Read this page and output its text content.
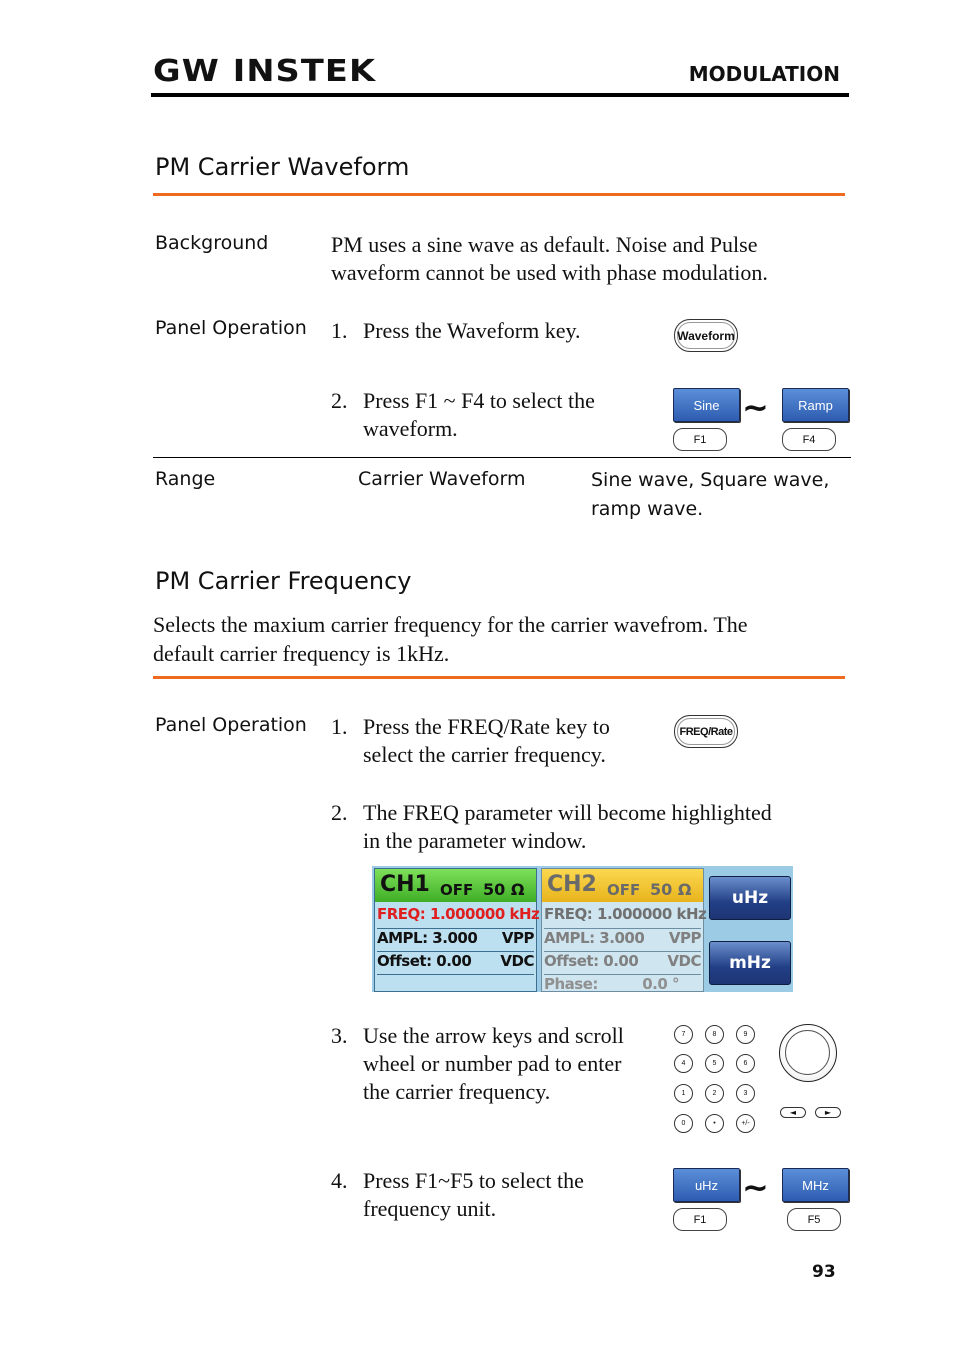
GW INSTEK	MODULATION
PM Carrier Waveform
Background	PM uses a sine wave as default. Noise and Pulse
waveform cannot be used with phase modulation.
Panel Operation 1. Press the Waveform key.	Waveform
2. Press F1 ~ F4 to select the
waveform.
Sine ~	Ramp
F1	F4
Range	Carrier Waveform	Sine wave, Square wave,
ramp wave.
PM Carrier Frequency
Selects the maxium carrier frequency for the carrier wavefrom. The
default carrier frequency is 1kHz.
Panel Operation 1. Press the FREQ/Rate key to
select the carrier frequency.
FREQ/Rate
2. The FREQ parameter will become highlighted
in the parameter window.
CH1 OFF 50 Ω
FREQ: 1.000000 kHz
AMPL: 3.000 VPP
Offset: 0.00 VDC
CH2 OFF 50 Ω
FREQ: 1.000000 kHz
AMPL: 3.000 VPP
Offset: 0.00 VDC
Phase:	0.0 °
uHz
mHz
3. Use the arrow keys and scroll
wheel or number pad to enter
the carrier frequency.
7	8	9
4	5	6
1	2	3
0	•	+/-
◄	►
4. Press F1~F5 to select the
frequency unit.
uHz ~	MHz
F1	F5
93
